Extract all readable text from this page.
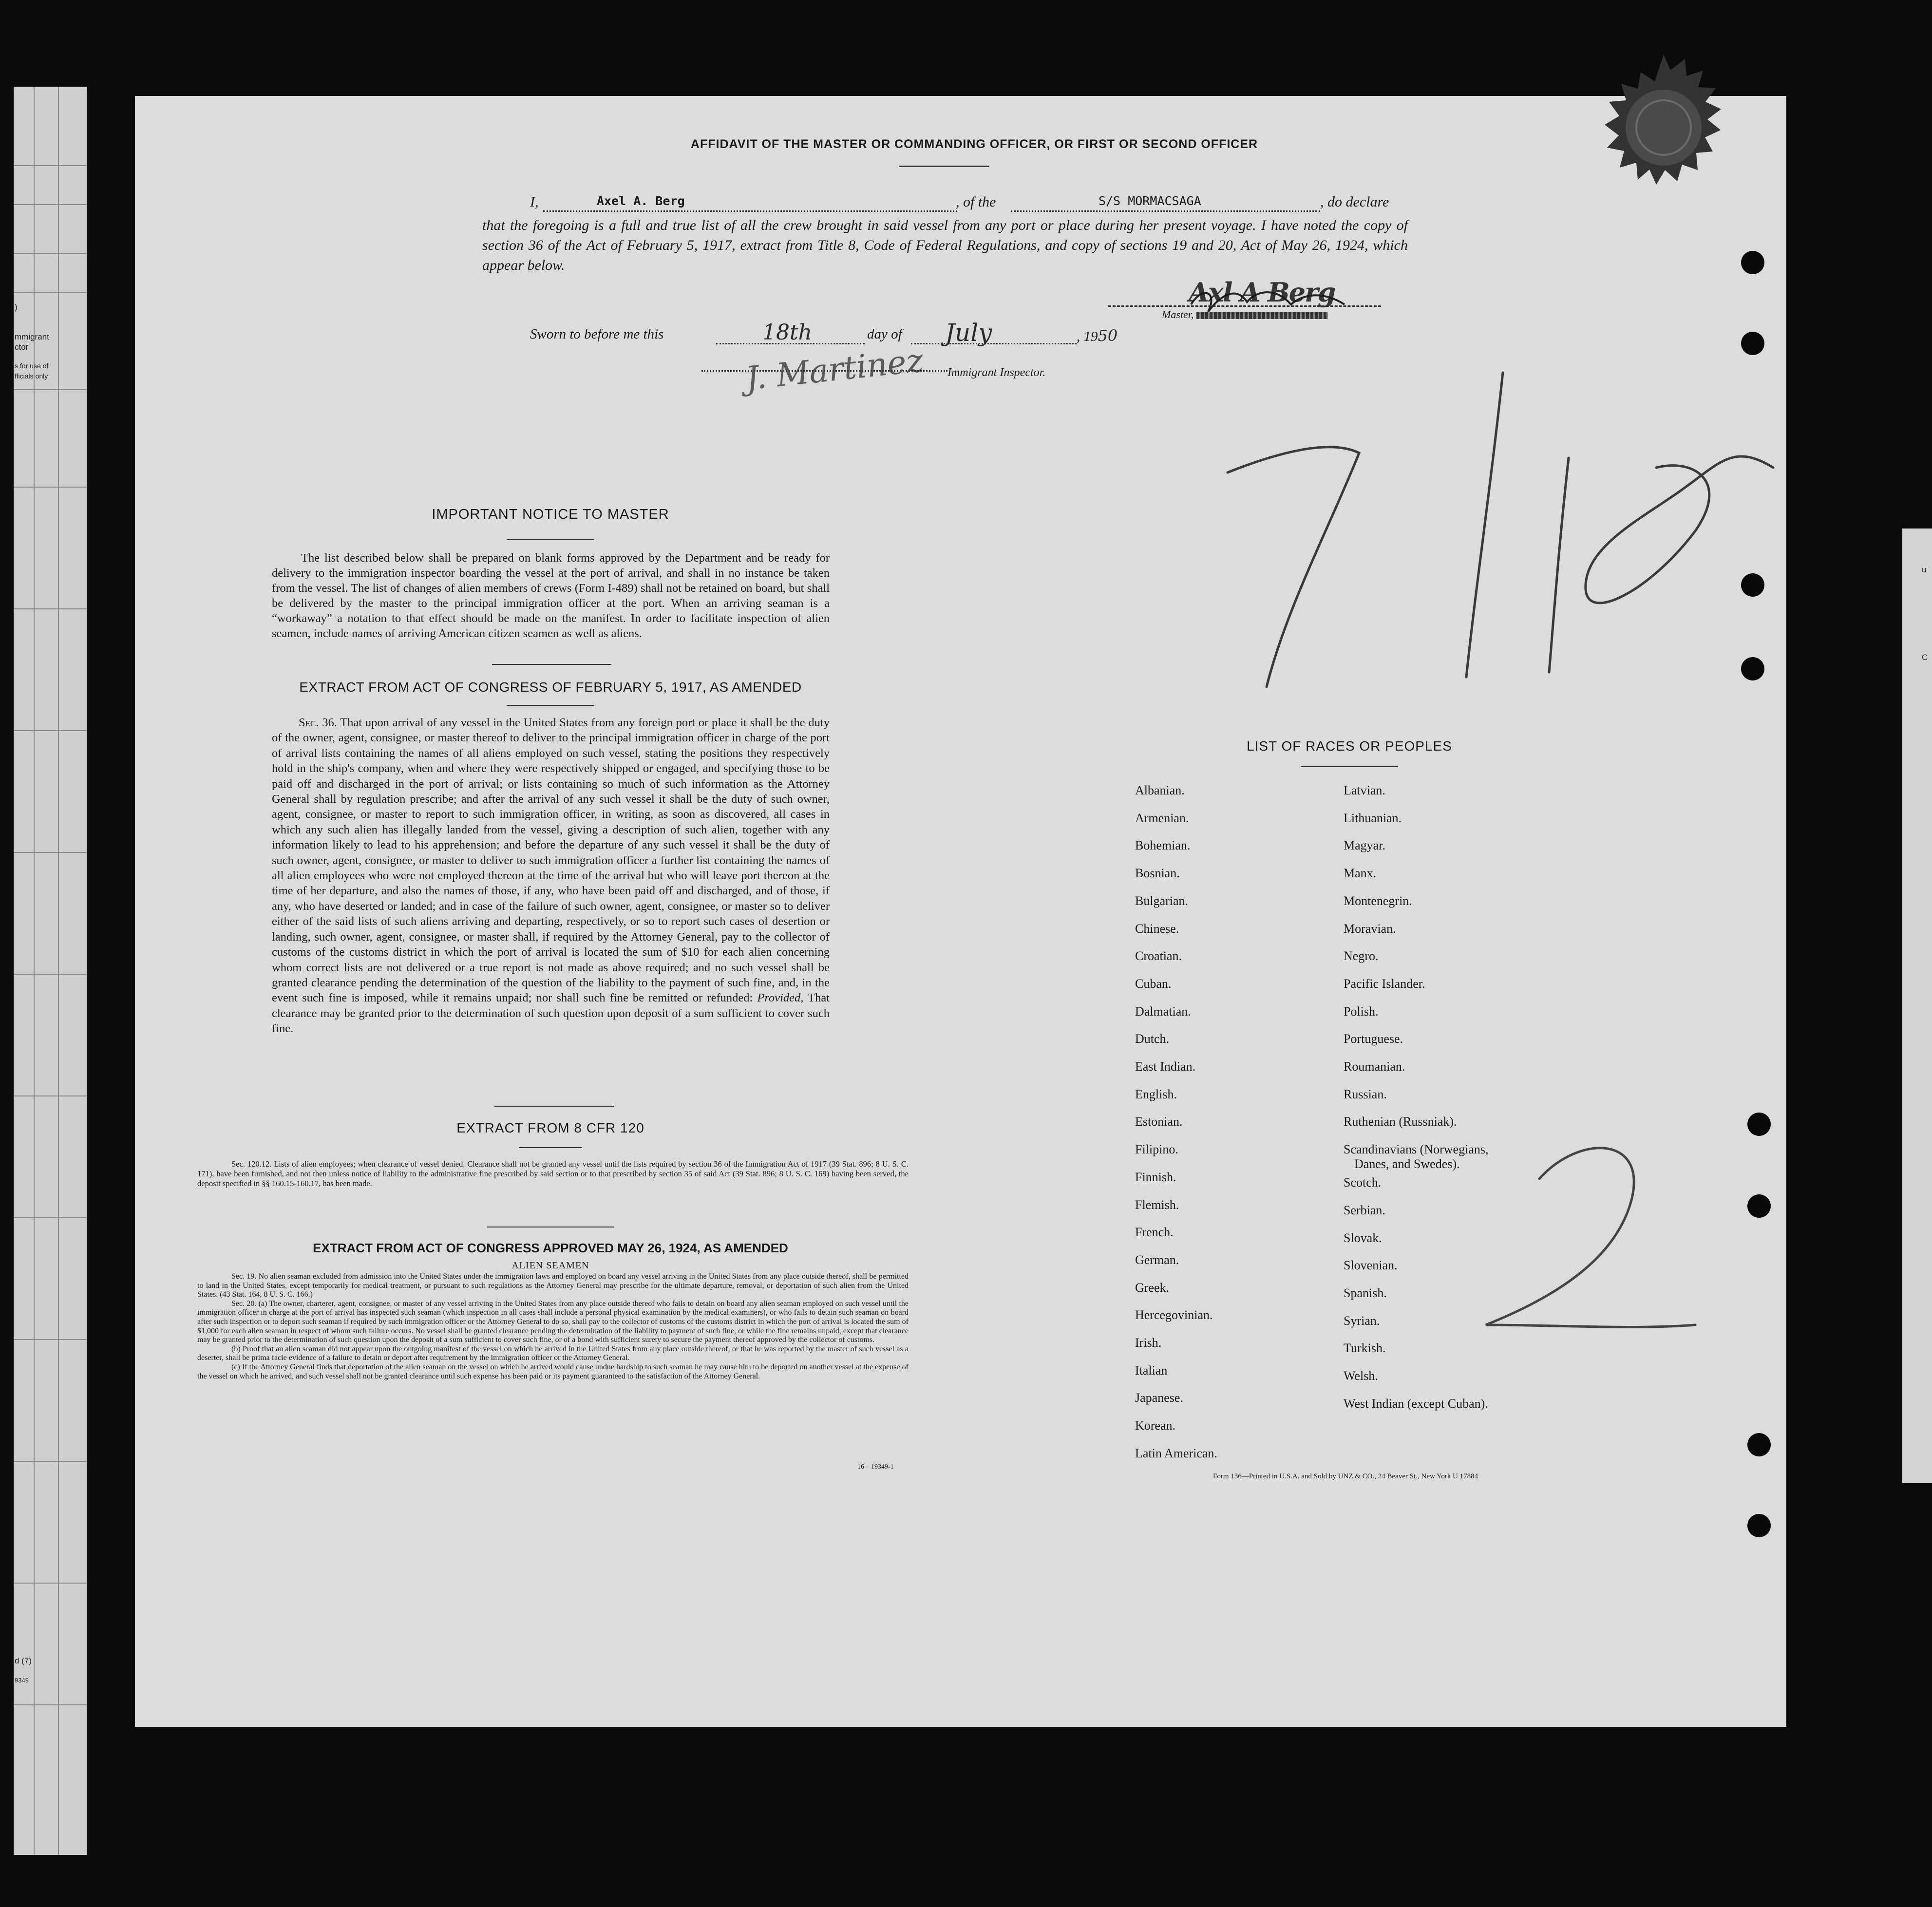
)
mmigrant
ctor
s for use of
fficials only
d (7)
9349
u
C
AFFIDAVIT OF THE MASTER OR COMMANDING OFFICER, OR FIRST OR SECOND OFFICER
I,	Axel A. Berg	, of the	S/S MORMACSAGA	, do declare
that the foregoing is a full and true list of all the crew brought in said vessel from any port or place during her present voyage. I have noted the copy of section 36 of the Act of February 5, 1917, extract from Title 8, Code of Federal Regulations, and copy of sections 19 and 20, Act of May 26, 1924, which appear below.
Axl A Berg
Master,
Sworn to before me this	18th	day of	July	, 1950
J. Martinez Immigrant Inspector.
IMPORTANT NOTICE TO MASTER
The list described below shall be prepared on blank forms approved by the Department and be ready for delivery to the immigration inspector boarding the vessel at the port of arrival, and shall in no instance be taken from the vessel. The list of changes of alien members of crews (Form I-489) shall not be retained on board, but shall be delivered by the master to the principal immigration officer at the port. When an arriving seaman is a “workaway” a notation to that effect should be made on the manifest. In order to facilitate inspection of alien seamen, include names of arriving American citizen seamen as well as aliens.
EXTRACT FROM ACT OF CONGRESS OF FEBRUARY 5, 1917, AS AMENDED
Sec. 36. That upon arrival of any vessel in the United States from any foreign port or place it shall be the duty of the owner, agent, consignee, or master thereof to deliver to the principal immigration officer in charge of the port of arrival lists containing the names of all aliens employed on such vessel, stating the positions they respectively hold in the ship's company, when and where they were respectively shipped or engaged, and specifying those to be paid off and discharged in the port of arrival; or lists containing so much of such information as the Attorney General shall by regulation prescribe; and after the arrival of any such vessel it shall be the duty of such owner, agent, consignee, or master to report to such immigration officer, in writing, as soon as discovered, all cases in which any such alien has illegally landed from the vessel, giving a description of such alien, together with any information likely to lead to his apprehension; and before the departure of any such vessel it shall be the duty of such owner, agent, consignee, or master to deliver to such immigration officer a further list containing the names of all alien employees who were not employed thereon at the time of the arrival but who will leave port thereon at the time of her departure, and also the names of those, if any, who have been paid off and discharged, and of those, if any, who have deserted or landed; and in case of the failure of such owner, agent, consignee, or master so to deliver either of the said lists of such aliens arriving and departing, respectively, or so to report such cases of desertion or landing, such owner, agent, consignee, or master shall, if required by the Attorney General, pay to the collector of customs of the customs district in which the port of arrival is located the sum of $10 for each alien concerning whom correct lists are not delivered or a true report is not made as above required; and no such vessel shall be granted clearance pending the determination of the question of the liability to the payment of such fine, and, in the event such fine is imposed, while it remains unpaid; nor shall such fine be remitted or refunded: Provided, That clearance may be granted prior to the determination of such question upon deposit of a sum sufficient to cover such fine.
EXTRACT FROM 8 CFR 120
Sec. 120.12. Lists of alien employees; when clearance of vessel denied. Clearance shall not be granted any vessel until the lists required by section 36 of the Immigration Act of 1917 (39 Stat. 896; 8 U. S. C. 171), have been furnished, and not then unless notice of liability to the administrative fine prescribed by said section or to that prescribed by section 35 of said Act (39 Stat. 896; 8 U. S. C. 169) having been served, the deposit specified in §§ 160.15-160.17, has been made.
EXTRACT FROM ACT OF CONGRESS APPROVED MAY 26, 1924, AS AMENDED
ALIEN SEAMEN
Sec. 19. No alien seaman excluded from admission into the United States under the immigration laws and employed on board any vessel arriving in the United States from any place outside thereof, shall be permitted to land in the United States, except temporarily for medical treatment, or pursuant to such regulations as the Attorney General may prescribe for the ultimate departure, removal, or deportation of such alien from the United States. (43 Stat. 164, 8 U. S. C. 166.)
Sec. 20. (a) The owner, charterer, agent, consignee, or master of any vessel arriving in the United States from any place outside thereof who fails to detain on board any alien seaman employed on such vessel until the immigration officer in charge at the port of arrival has inspected such seaman (which inspection in all cases shall include a personal physical examination by the medical examiners), or who fails to detain such seaman on board after such inspection or to deport such seaman if required by such immigration officer or the Attorney General to do so, shall pay to the collector of customs of the customs district in which the port of arrival is located the sum of $1,000 for each alien seaman in respect of whom such failure occurs. No vessel shall be granted clearance pending the determination of the liability to payment of such fine, or while the fine remains unpaid, except that clearance may be granted prior to the determination of such question upon the deposit of a sum sufficient to cover such fine, or of a bond with sufficient surety to secure the payment thereof approved by the collector of customs.
(b) Proof that an alien seaman did not appear upon the outgoing manifest of the vessel on which he arrived in the United States from any place outside thereof, or that he was reported by the master of such vessel as a deserter, shall be prima facie evidence of a failure to detain or deport after requirement by the immigration officer or the Attorney General.
(c) If the Attorney General finds that deportation of the alien seaman on the vessel on which he arrived would cause undue hardship to such seaman he may cause him to be deported on another vessel at the expense of the vessel on which he arrived, and such vessel shall not be granted clearance until such expense has been paid or its payment guaranteed to the satisfaction of the Attorney General.
16—19349-1
LIST OF RACES OR PEOPLES
Albanian.
Armenian.
Bohemian.
Bosnian.
Bulgarian.
Chinese.
Croatian.
Cuban.
Dalmatian.
Dutch.
East Indian.
English.
Estonian.
Filipino.
Finnish.
Flemish.
French.
German.
Greek.
Hercegovinian.
Irish.
Italian
Japanese.
Korean.
Latin American.
Latvian.
Lithuanian.
Magyar.
Manx.
Montenegrin.
Moravian.
Negro.
Pacific Islander.
Polish.
Portuguese.
Roumanian.
Russian.
Ruthenian (Russniak).
Scandinavians (Norwegians,
Danes, and Swedes).
Scotch.
Serbian.
Slovak.
Slovenian.
Spanish.
Syrian.
Turkish.
Welsh.
West Indian (except Cuban).
Form 136—Printed in U.S.A. and Sold by UNZ & CO., 24 Beaver St., New York U 17884
